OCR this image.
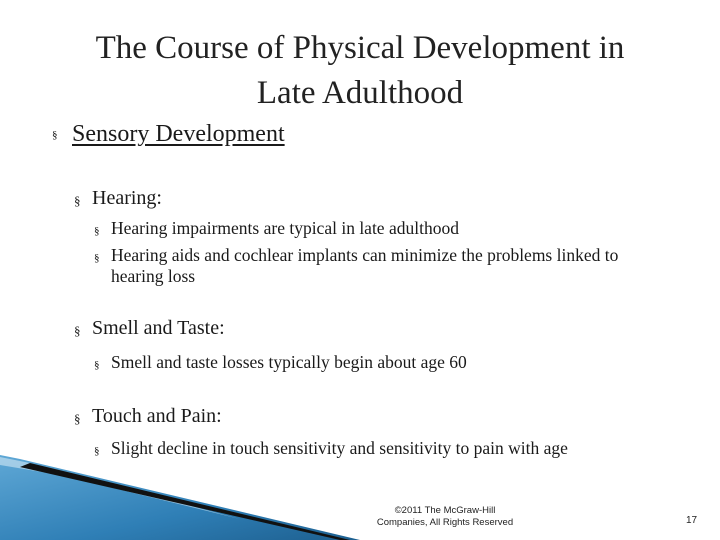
The Course of Physical Development in
Late Adulthood
§ Sensory Development
§ Hearing:
§ Hearing impairments are typical in late adulthood
§ Hearing aids and cochlear implants can minimize the problems linked to hearing loss
§ Smell and Taste:
§ Smell and taste losses typically begin about age 60
§ Touch and Pain:
§ Slight decline in touch sensitivity and sensitivity to pain with age
©2011 The McGraw-Hill
Companies, All Rights Reserved	17
